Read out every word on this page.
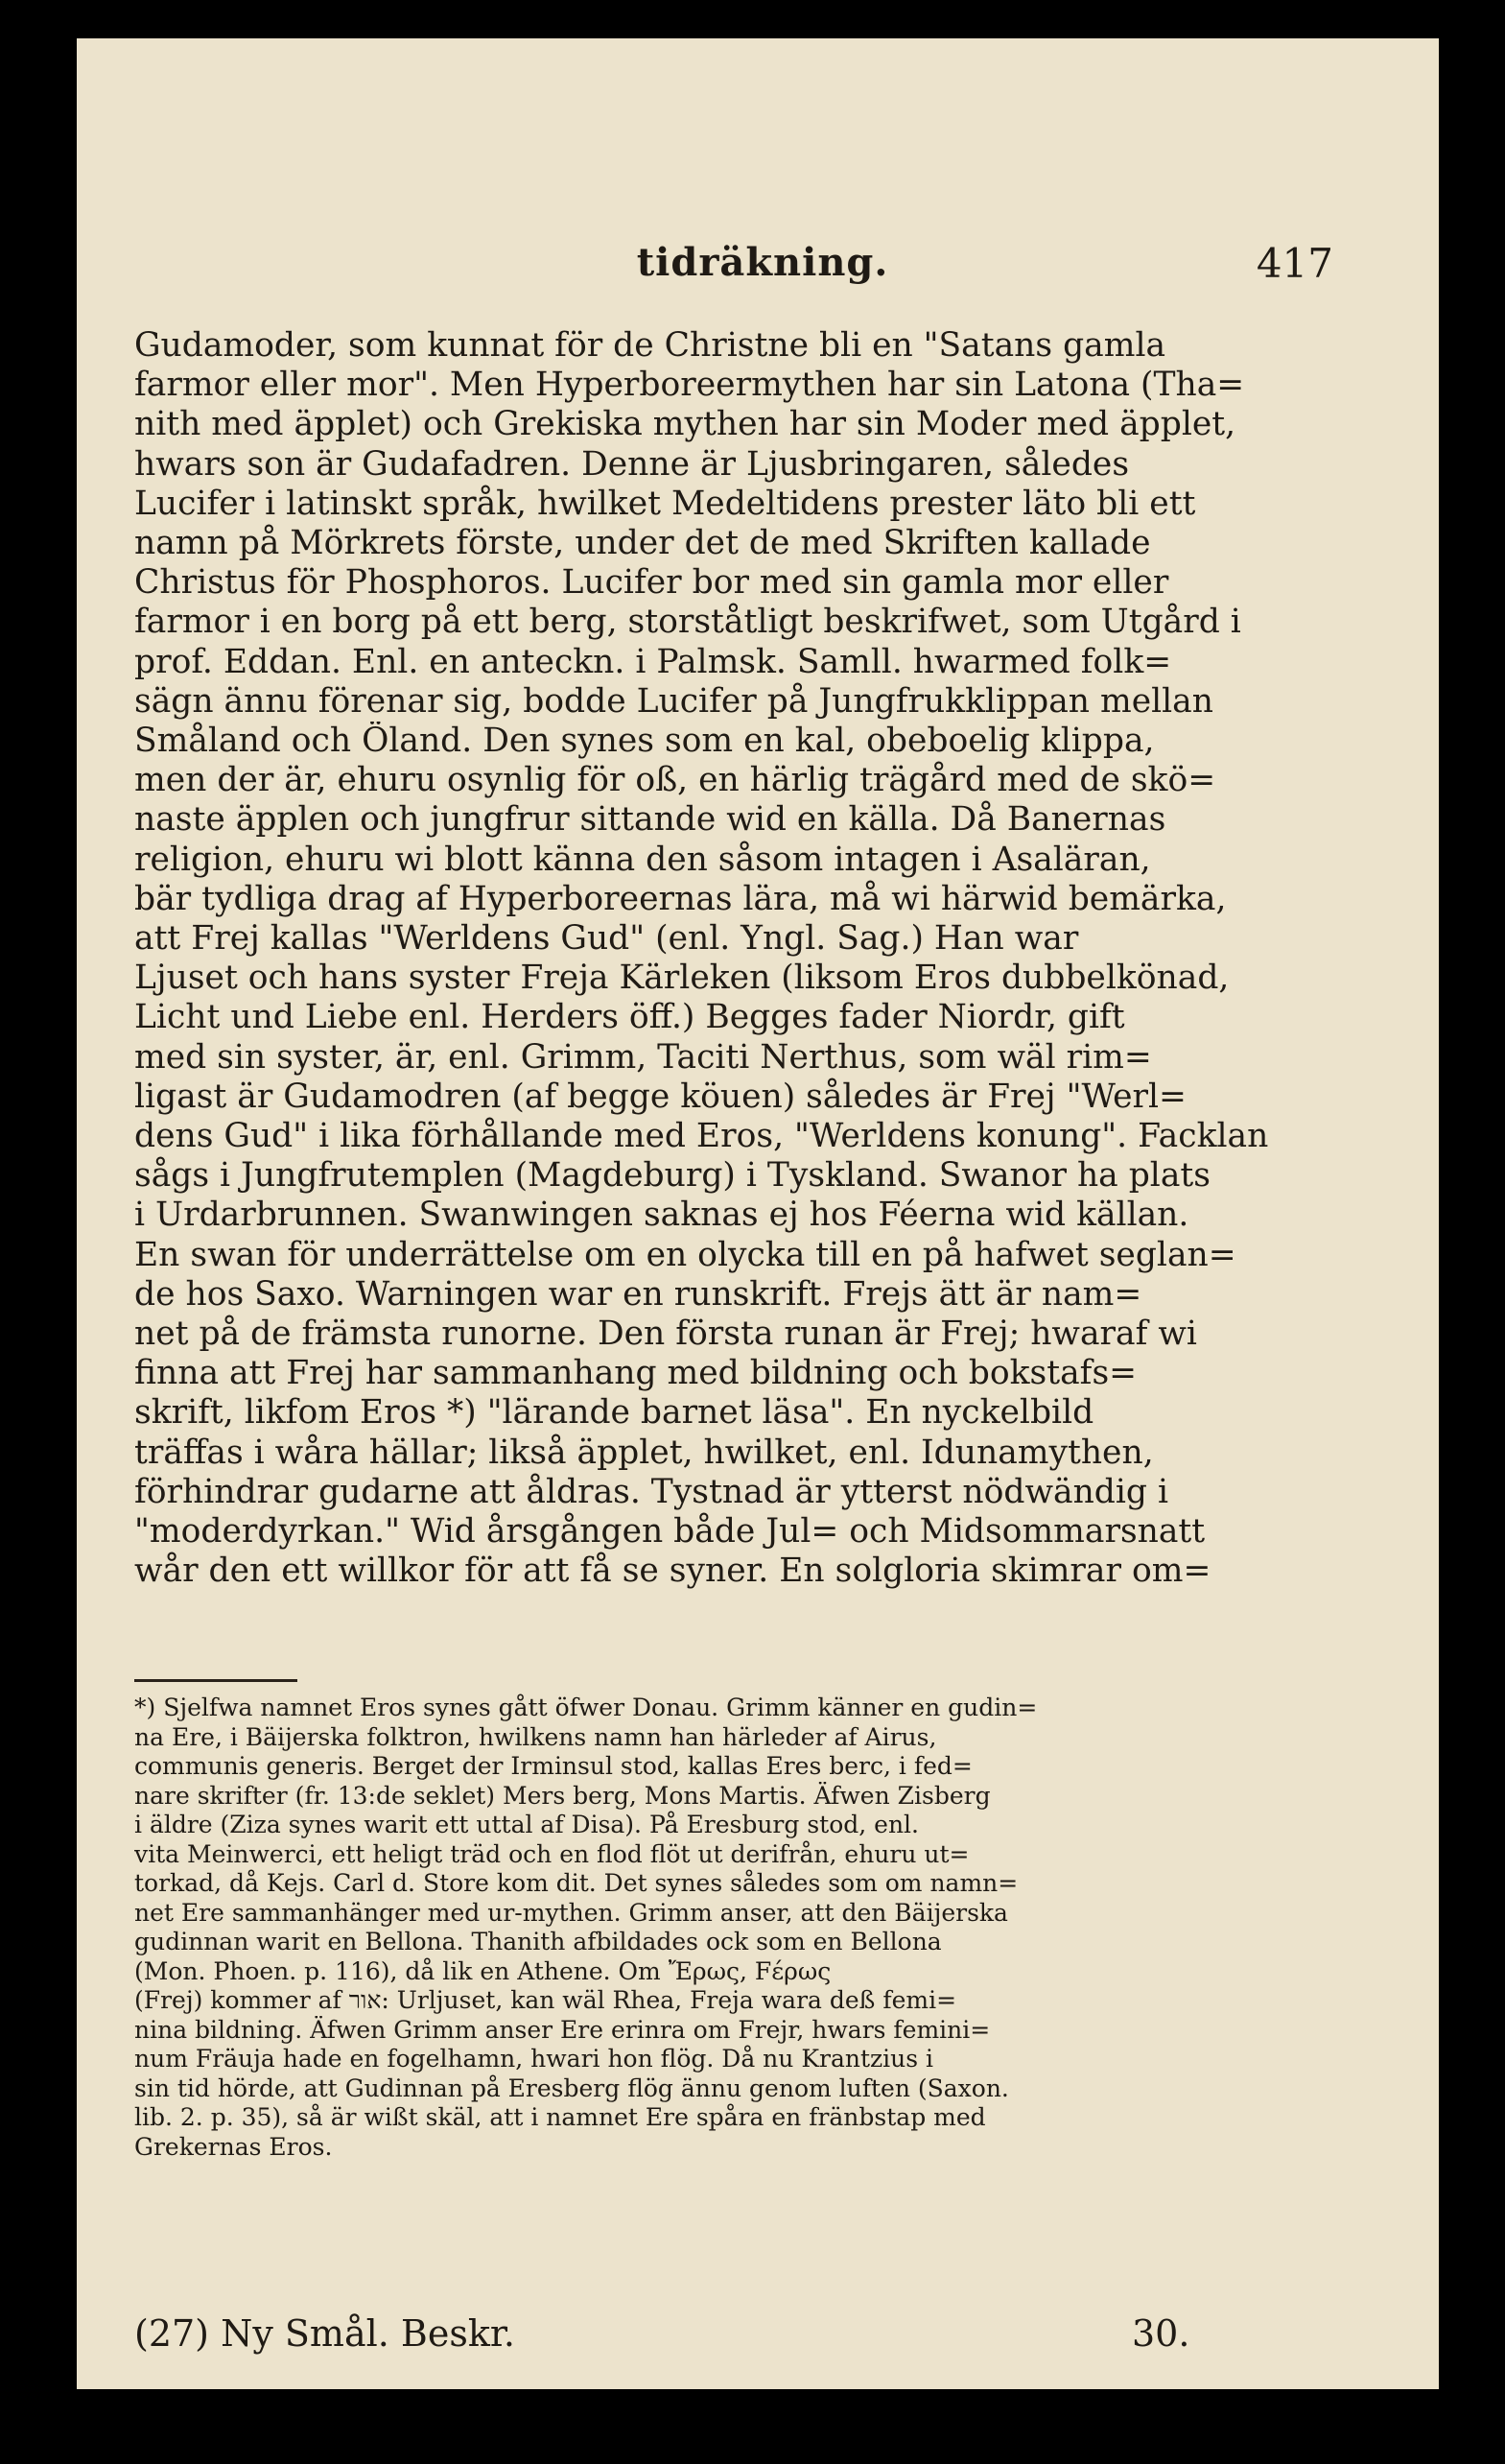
tidräkning.	417
Gudamoder, som kunnat för de Christne bli en "Satans gamla
farmor eller mor". Men Hyperboreermythen har sin Latona (Tha=
nith med äpplet) och Grekiska mythen har sin Moder med äpplet,
hwars son är Gudafadren. Denne är Ljusbringaren, således
Lucifer i latinskt språk, hwilket Medeltidens prester läto bli ett
namn på Mörkrets förste, under det de med Skriften kallade
Christus för Phosphoros. Lucifer bor med sin gamla mor eller
farmor i en borg på ett berg, storståtligt beskrifwet, som Utgård i
prof. Eddan. Enl. en anteckn. i Palmsk. Samll. hwarmed folk=
sägn ännu förenar sig, bodde Lucifer på Jungfrukklippan mellan
Småland och Öland. Den synes som en kal, obeboelig klippa,
men der är, ehuru osynlig för oß, en härlig trägård med de skö=
naste äpplen och jungfrur sittande wid en källa. Då Banernas
religion, ehuru wi blott känna den såsom intagen i Asaläran,
bär tydliga drag af Hyperboreernas lära, må wi härwid bemärka,
att Frej kallas "Werldens Gud" (enl. Yngl. Sag.) Han war
Ljuset och hans syster Freja Kärleken (liksom Eros dubbelkönad,
Licht und Liebe enl. Herders öff.) Begges fader Niordr, gift
med sin syster, är, enl. Grimm, Taciti Nerthus, som wäl rim=
ligast är Gudamodren (af begge köuen) således är Frej "Werl=
dens Gud" i lika förhållande med Eros, "Werldens konung". Facklan
sågs i Jungfrutemplen (Magdeburg) i Tyskland. Swanor ha plats
i Urdarbrunnen. Swanwingen saknas ej hos Féerna wid källan.
En swan för underrättelse om en olycka till en på hafwet seglan=
de hos Saxo. Warningen war en runskrift. Frejs ätt är nam=
net på de främsta runorne. Den första runan är Frej; hwaraf wi
finna att Frej har sammanhang med bildning och bokstafs=
skrift, likfom Eros *) "lärande barnet läsa". En nyckelbild
träffas i wåra hällar; likså äpplet, hwilket, enl. Idunamythen,
förhindrar gudarne att åldras. Tystnad är ytterst nödwändig i
"moderdyrkan." Wid årsgången både Jul= och Midsommarsnatt
wår den ett willkor för att få se syner. En solgloria skimrar om=
*) Sjelfwa namnet Eros synes gått öfwer Donau. Grimm känner en gudin=
na Ere, i Bäijerska folktron, hwilkens namn han härleder af Airus,
communis generis. Berget der Irminsul stod, kallas Eres berc, i fed=
nare skrifter (fr. 13:de seklet) Mers berg, Mons Martis. Äfwen Zisberg
i äldre (Ziza synes warit ett uttal af Disa). På Eresburg stod, enl.
vita Meinwerci, ett heligt träd och en flod flöt ut derifrån, ehuru ut=
torkad, då Kejs. Carl d. Store kom dit. Det synes således som om namn=
net Ere sammanhänger med ur-mythen. Grimm anser, att den Bäijerska
gudinnan warit en Bellona. Thanith afbildades ock som en Bellona
(Mon. Phoen. p. 116), då lik en Athene. Om Ἔρως, Fέρως
(Frej) kommer af אור: Urljuset, kan wäl Rhea, Freja wara deß femi=
nina bildning. Äfwen Grimm anser Ere erinra om Frejr, hwars femini=
num Fräuja hade en fogelhamn, hwari hon flög. Då nu Krantzius i
sin tid hörde, att Gudinnan på Eresberg flög ännu genom luften (Saxon.
lib. 2. p. 35), så är wißt skäl, att i namnet Ere spåra en fränbstap med
Grekernas Eros.
(27) Ny Smål. Beskr.	30.
